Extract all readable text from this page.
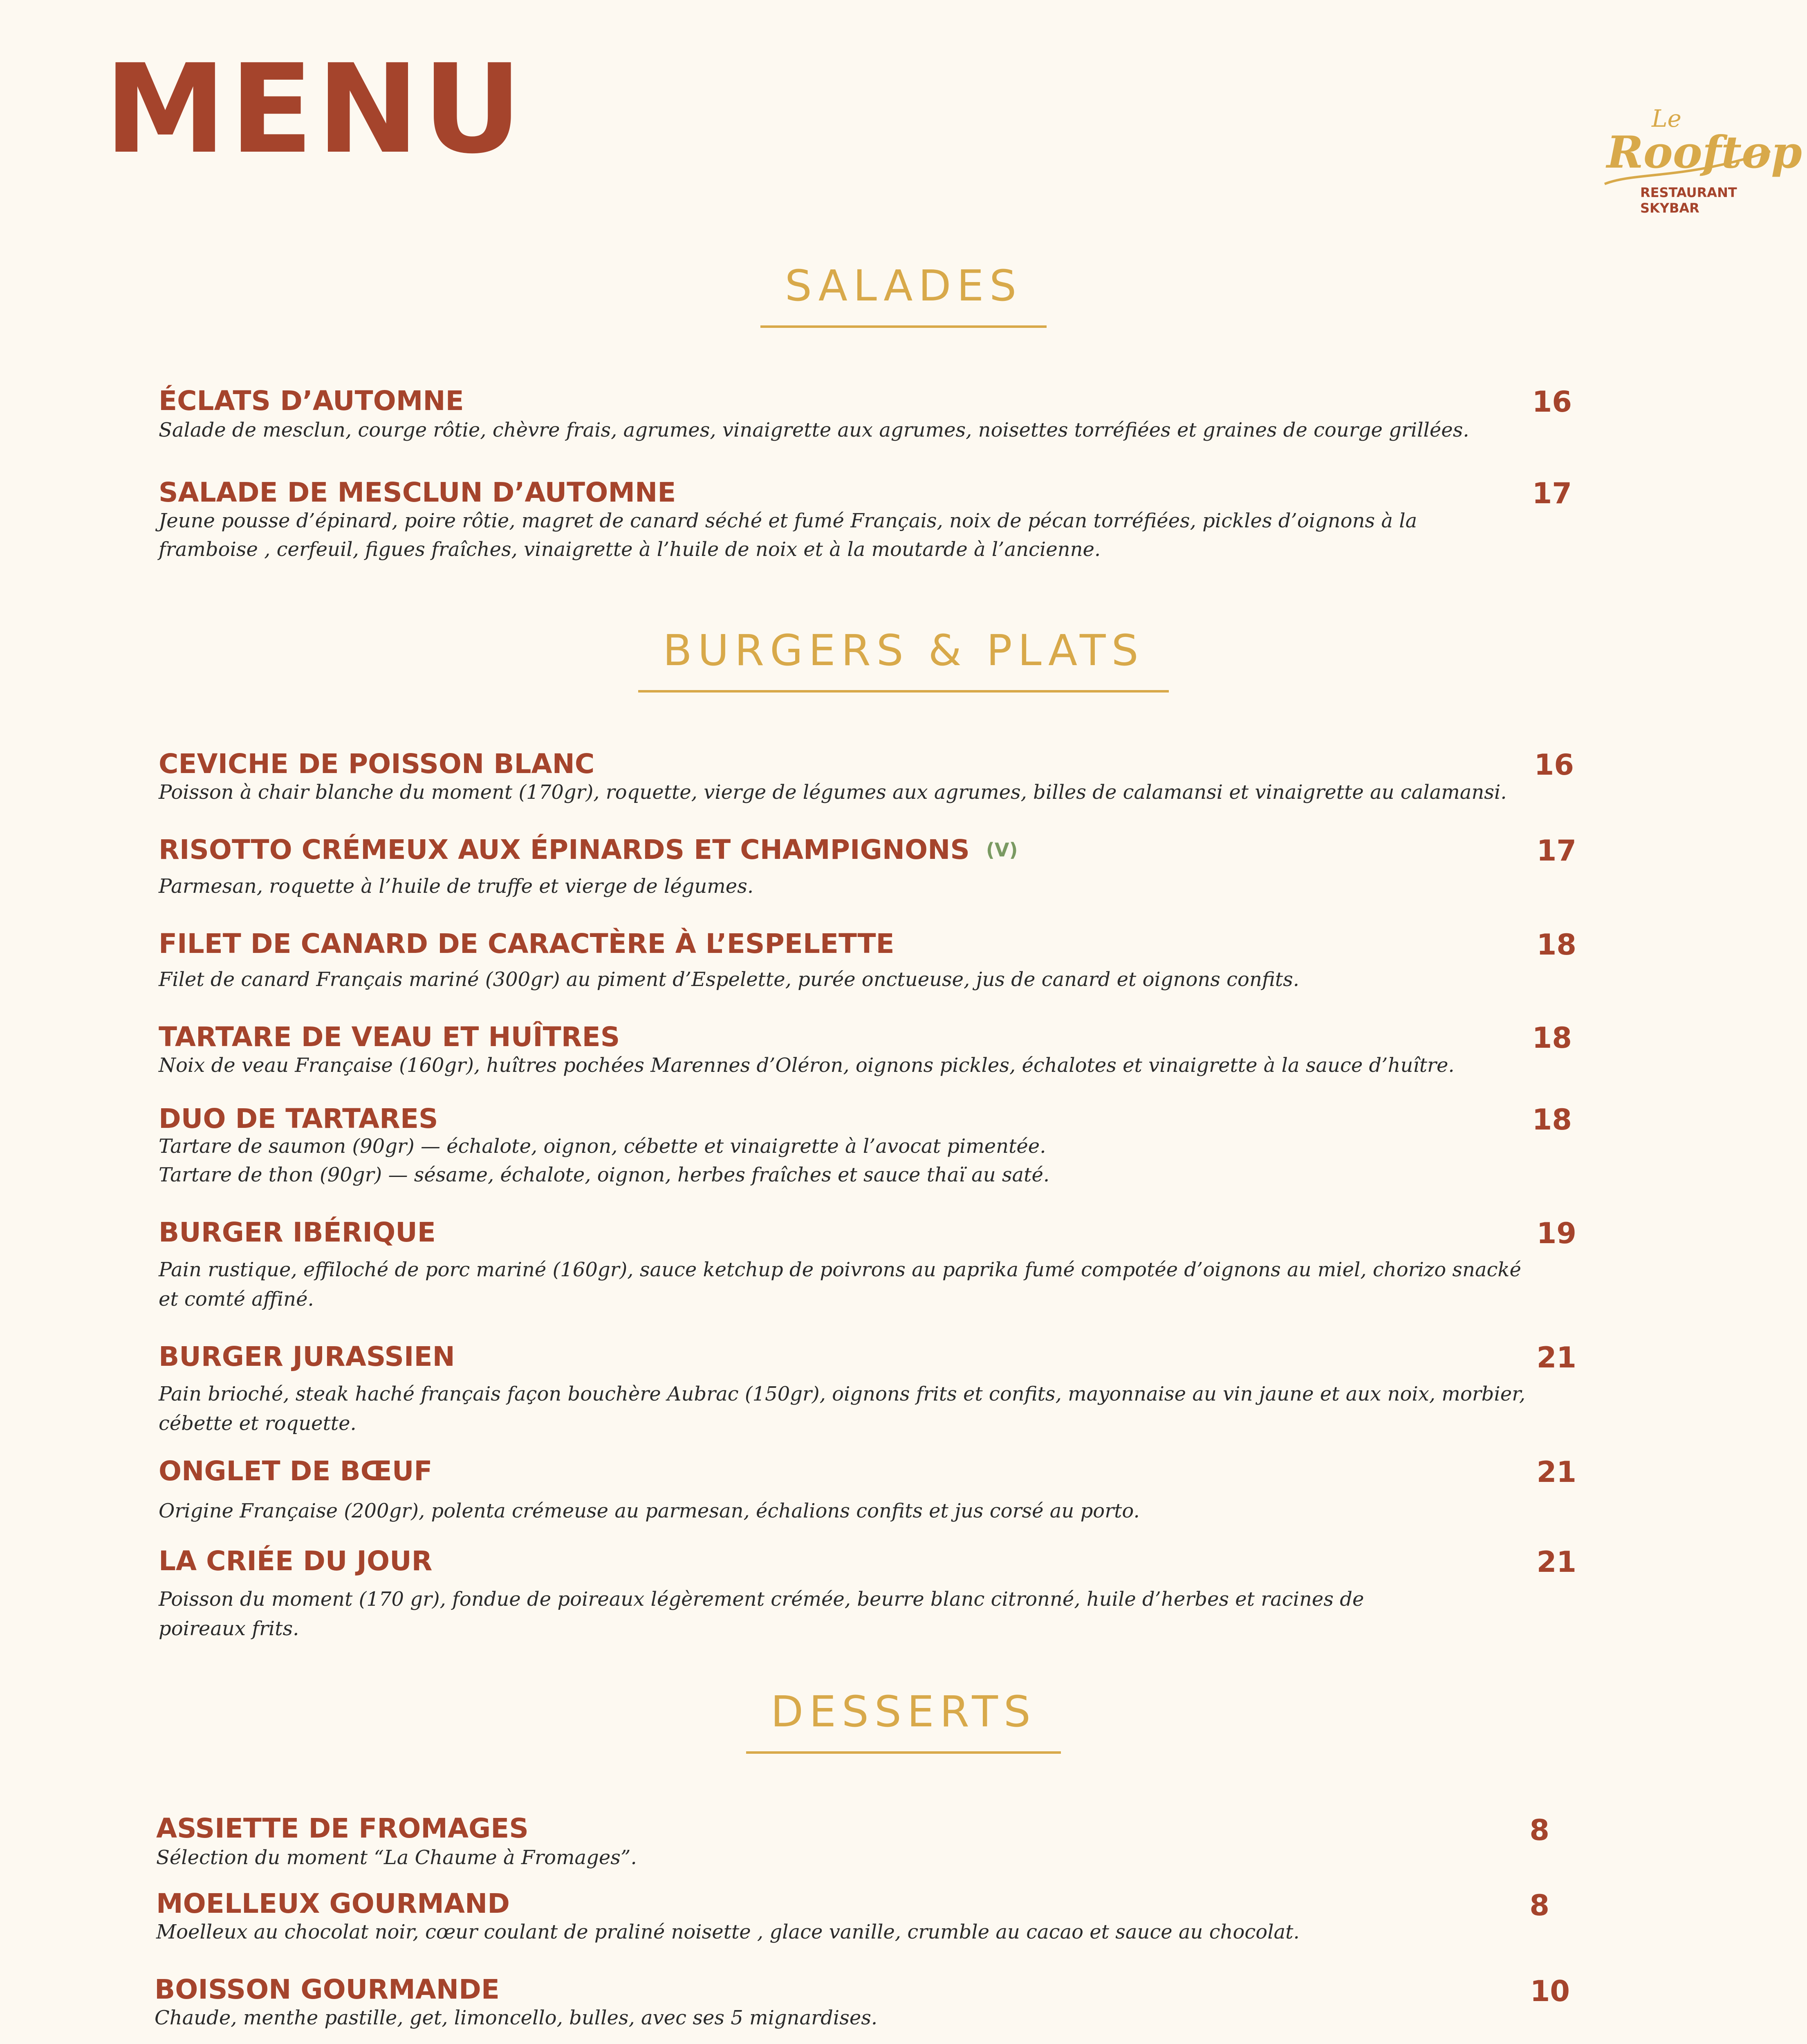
MENU	Le
Rooftop
RESTAURANT
SKYBAR
SALADES
ÉCLATS D’AUTOMNE
Salade de mesclun, courge rôtie, chèvre frais, agrumes, vinaigrette aux agrumes, noisettes torréfiées et graines de courge grillées.
16
SALADE DE MESCLUN D’AUTOMNE
Jeune pousse d’épinard, poire rôtie, magret de canard séché et fumé Français, noix de pécan torréfiées, pickles d’oignons à la
framboise , cerfeuil, figues fraîches, vinaigrette à l’huile de noix et à la moutarde à l’ancienne.
17
BURGERS & PLATS
CEVICHE DE POISSON BLANC
Poisson à chair blanche du moment (170gr), roquette, vierge de légumes aux agrumes, billes de calamansi et vinaigrette au calamansi.
16
RISOTTO CRÉMEUX AUX ÉPINARDS ET CHAMPIGNONS (V)
Parmesan, roquette à l’huile de truffe et vierge de légumes.
17
FILET DE CANARD DE CARACTÈRE À L’ESPELETTE
Filet de canard Français mariné (300gr) au piment d’Espelette, purée onctueuse, jus de canard et oignons confits.
18
TARTARE DE VEAU ET HUÎTRES
Noix de veau Française (160gr), huîtres pochées Marennes d’Oléron, oignons pickles, échalotes et vinaigrette à la sauce d’huître.
18
DUO DE TARTARES
Tartare de saumon (90gr) — échalote, oignon, cébette et vinaigrette à l’avocat pimentée.
Tartare de thon (90gr) — sésame, échalote, oignon, herbes fraîches et sauce thaï au saté.
18
BURGER IBÉRIQUE
Pain rustique, effiloché de porc mariné (160gr), sauce ketchup de poivrons au paprika fumé compotée d’oignons au miel, chorizo snacké
et comté affiné.
19
BURGER JURASSIEN
Pain brioché, steak haché français façon bouchère Aubrac (150gr), oignons frits et confits, mayonnaise au vin jaune et aux noix, morbier,
cébette et roquette.
21
ONGLET DE BŒUF
Origine Française (200gr), polenta crémeuse au parmesan, échalions confits et jus corsé au porto.
21
LA CRIÉE DU JOUR
Poisson du moment (170 gr), fondue de poireaux légèrement crémée, beurre blanc citronné, huile d’herbes et racines de
poireaux frits.
21
DESSERTS
ASSIETTE DE FROMAGES
Sélection du moment “La Chaume à Fromages”.
8
MOELLEUX GOURMAND
Moelleux au chocolat noir, cœur coulant de praliné noisette , glace vanille, crumble au cacao et sauce au chocolat.
8
BOISSON GOURMANDE
Chaude, menthe pastille, get, limoncello, bulles, avec ses 5 mignardises.
10
